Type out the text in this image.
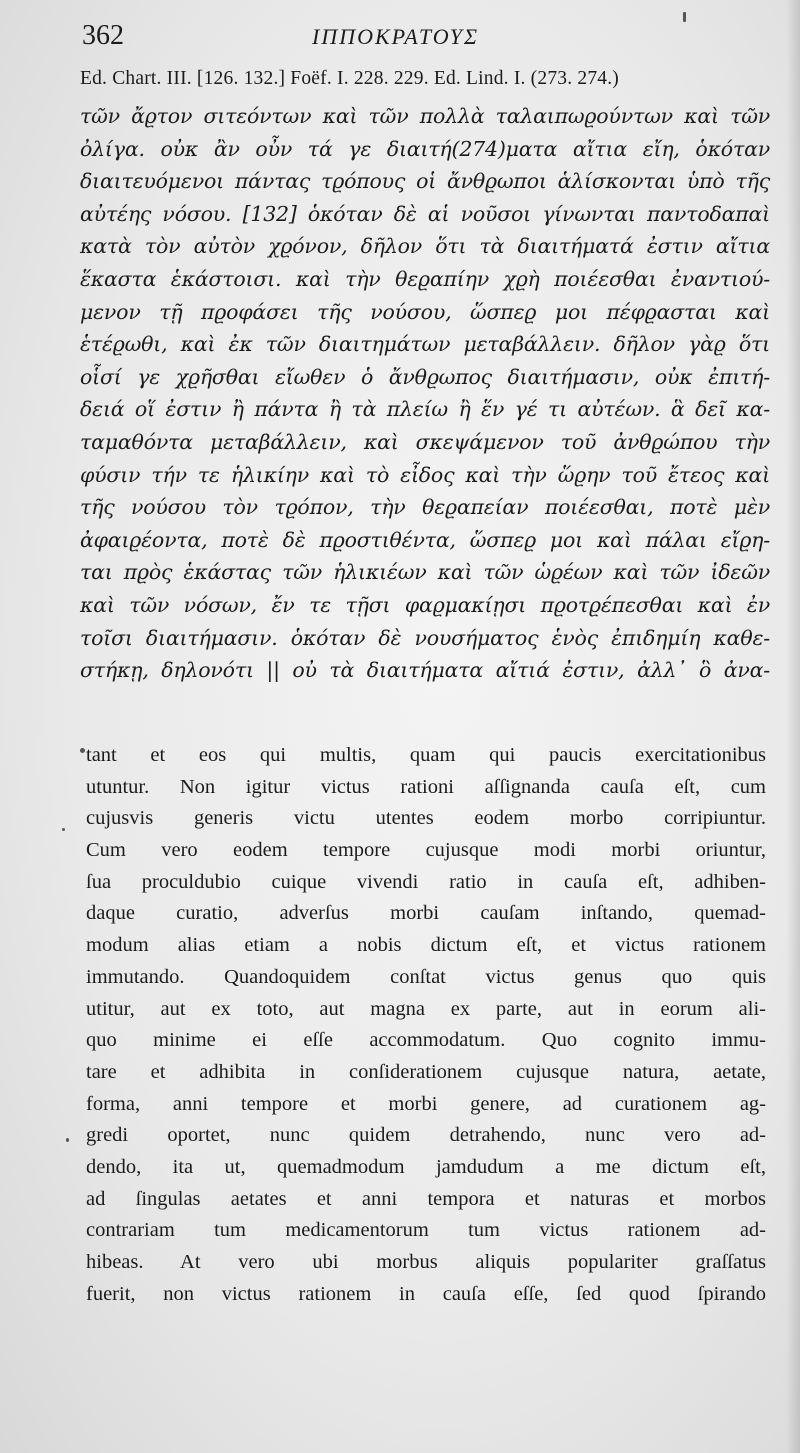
362	ΙΠΠΟΚΡΑΤΟΥΣ
Ed. Chart. III. [126. 132.] Foëf. I. 228. 229. Ed. Lind. I. (273. 274.)
τῶν ἄϱτον σιτεόντων καὶ τῶν πολλὰ ταλαιπωϱούντων καὶ τῶν
ὀλίγα. οὐκ ἂν οὖν τά γε διαιτή(274)ματα αἴτια εἴη, ὁκόταν
διαιτευόμενοι πάντας τϱόπους οἱ ἄνθϱωποι ἁλίσκονται ὑπὸ τῆς
αὐτέης νόσου. [132] ὁκόταν δὲ αἱ νοῦσοι γίνωνται παντοδαπαὶ
κατὰ τὸν αὐτὸν χϱόνον, δῆλον ὅτι τὰ διαιτήματά ἐστιν αἴτια
ἕκαστα ἑκάστοισι. καὶ τὴν θεϱαπίην χϱὴ ποιέεσθαι ἐναντιού-
μενον τῇ πϱοφάσει τῆς νούσου, ὥσπεϱ μοι πέφϱασται καὶ
ἑτέϱωθι, καὶ ἐκ τῶν διαιτημάτων μεταβάλλειν. δῆλον γὰϱ ὅτι
οἷσί γε χϱῆσθαι εἴωθεν ὁ ἄνθϱωπος διαιτήμασιν, οὐκ ἐπιτή-
δειά οἵ ἐστιν ἢ πάντα ἢ τὰ πλείω ἢ ἕν γέ τι αὐτέων. ἃ δεῖ κα-
ταμαθόντα μεταβάλλειν, καὶ σκεψάμενον τοῦ ἀνθϱώπου τὴν
φύσιν τήν τε ἡλικίην καὶ τὸ εἶδος καὶ τὴν ὥϱην τοῦ ἔτεος καὶ
τῆς νούσου τὸν τϱόπον, τὴν θεϱαπείαν ποιέεσθαι, ποτὲ μὲν
ἀφαιϱέοντα, ποτὲ δὲ πϱοστιθέντα, ὥσπεϱ μοι καὶ πάλαι εἴϱη-
ται πϱὸς ἑκάστας τῶν ἡλικιέων καὶ τῶν ὡϱέων καὶ τῶν ἰδεῶν
καὶ τῶν νόσων, ἔν τε τῇσι φαϱμακίῃσι πϱοτϱέπεσθαι καὶ ἐν
τοῖσι διαιτήμασιν. ὁκόταν δὲ νουσήματος ἑνὸς ἐπιδημίη καθε-
στήκῃ, δηλονότι || οὐ τὰ διαιτήματα αἴτιά ἐστιν, ἀλλ᾽ ὃ ἀνα-
tant et eos qui multis, quam qui paucis exercitationibus
utuntur. Non igitur victus rationi aſſignanda cauſa eſt, cum
cujusvis generis victu utentes eodem morbo corripiuntur.
Cum vero eodem tempore cujusque modi morbi oriuntur,
ſua proculdubio cuique vivendi ratio in cauſa eſt, adhiben-
daque curatio, adverſus morbi cauſam inſtando, quemad-
modum alias etiam a nobis dictum eſt, et victus rationem
immutando. Quandoquidem conſtat victus genus quo quis
utitur, aut ex toto, aut magna ex parte, aut in eorum ali-
quo minime ei eſſe accommodatum. Quo cognito immu-
tare et adhibita in conſiderationem cujusque natura, aetate,
forma, anni tempore et morbi genere, ad curationem ag-
gredi oportet, nunc quidem detrahendo, nunc vero ad-
dendo, ita ut, quemadmodum jamdudum a me dictum eſt,
ad ſingulas aetates et anni tempora et naturas et morbos
contrariam tum medicamentorum tum victus rationem ad-
hibeas. At vero ubi morbus aliquis populariter graſſatus
fuerit, non victus rationem in cauſa eſſe, ſed quod ſpirando
